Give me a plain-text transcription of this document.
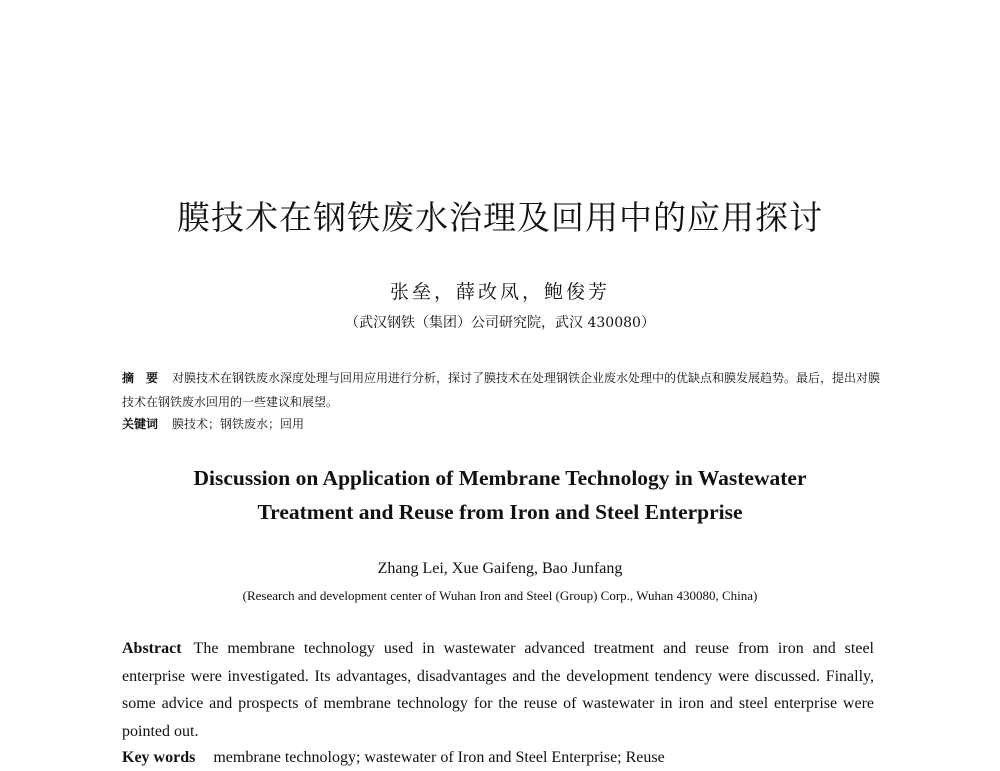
膜技术在钢铁废水治理及回用中的应用探讨
张垒，薛改凤，鲍俊芳
（武汉钢铁（集团）公司研究院，武汉 430080）
摘　要 对膜技术在钢铁废水深度处理与回用应用进行分析，探讨了膜技术在处理钢铁企业废水处理中的优缺点和膜发展趋势。最后，提出对膜技术在钢铁废水回用的一些建议和展望。
关键词 膜技术；钢铁废水；回用
Discussion on Application of Membrane Technology in Wastewater
Treatment and Reuse from Iron and Steel Enterprise
Zhang Lei, Xue Gaifeng, Bao Junfang
(Research and development center of Wuhan Iron and Steel (Group) Corp., Wuhan 430080, China)
Abstract The membrane technology used in wastewater advanced treatment and reuse from iron and steel enterprise were investigated. Its advantages, disadvantages and the development tendency were discussed. Finally, some advice and prospects of membrane technology for the reuse of wastewater in iron and steel enterprise were pointed out.
Key words membrane technology; wastewater of Iron and Steel Enterprise; Reuse
